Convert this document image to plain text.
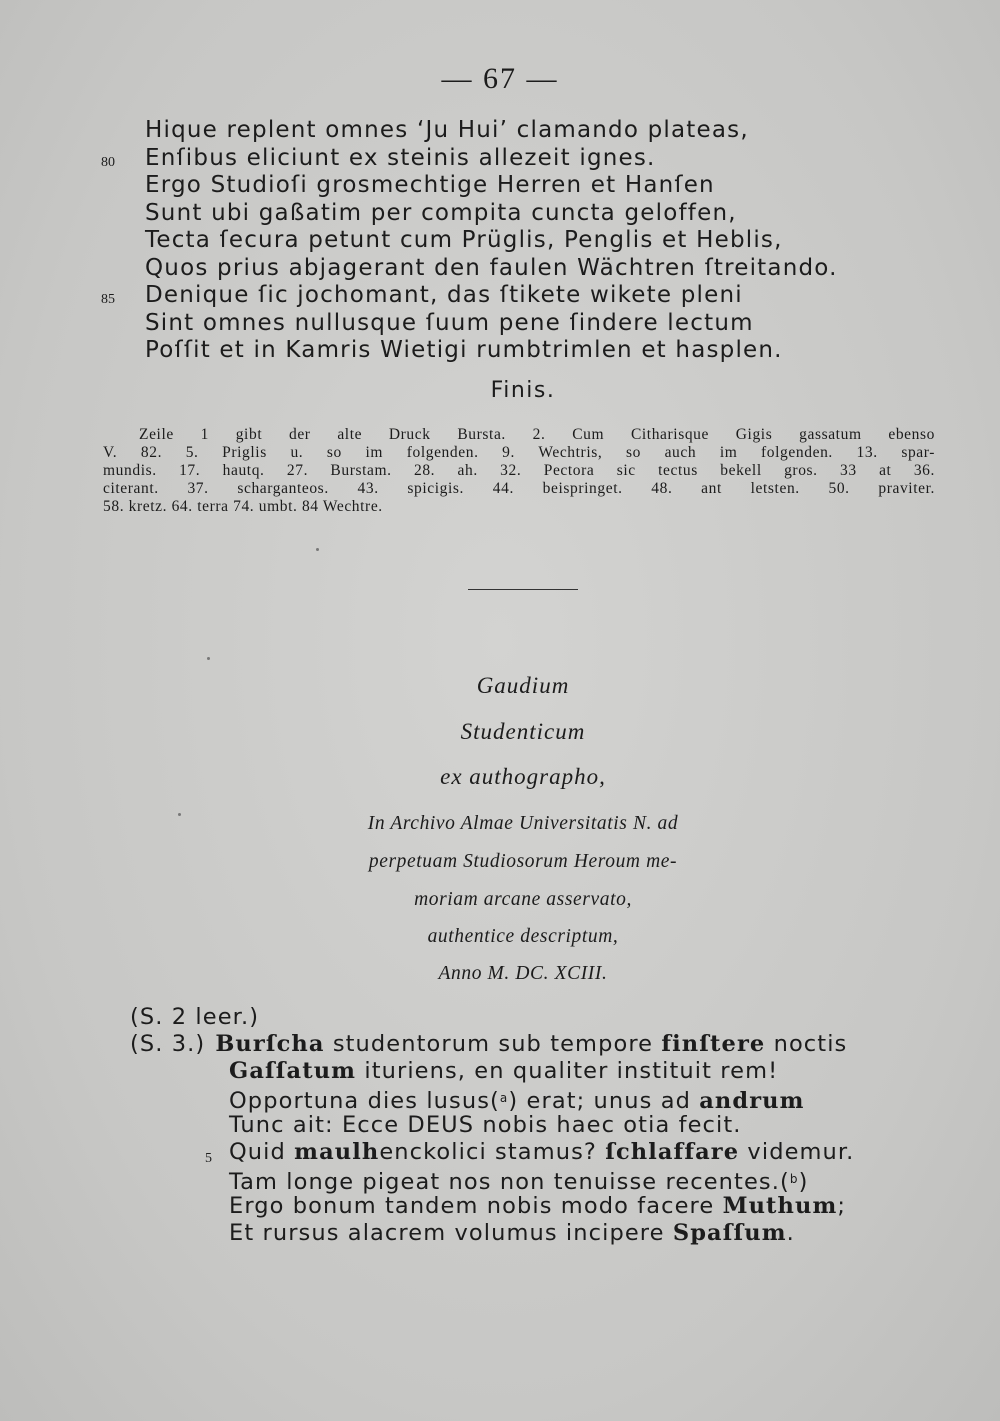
— 67 —
Hique replent omnes ‘Ju Hui’ clamando plateas,
80 Enſibus eliciunt ex steinis allezeit ignes.
Ergo Studioſi grosmechtige Herren et Hanſen
Sunt ubi gaßatim per compita cuncta geloffen,
Tecta ſecura petunt cum Prüglis, Penglis et Heblis,
Quos prius abjagerant den faulen Wächtren ſtreitando.
85 Denique ſic jochomant, das ſtikete wikete pleni
Sint omnes nullusque ſuum pene ſindere lectum
Poſſit et in Kamris Wietigi rumbtrimlen et hasplen.
Finis.
Zeile 1 gibt der alte Druck Bursta. 2. Cum Citharisque Gigis gassatum ebenso
V. 82. 5. Priglis u. so im folgenden. 9. Wechtris, so auch im folgenden. 13. spar-
mundis. 17. hautq. 27. Burstam. 28. ah. 32. Pectora sic tectus bekell gros. 33 at 36.
citerant. 37. scharganteos. 43. spicigis. 44. beispringet. 48. ant letsten. 50. praviter.
58. kretz. 64. terra 74. umbt. 84 Wechtre.
Gaudium
Studenticum
ex authographo,
In Archivo Almae Universitatis N. ad
perpetuam Studiosorum Heroum me-
moriam arcane asservato,
authentice descriptum,
Anno M. DC. XCIII.
(S. 2 leer.)
(S. 3.) Burſcha studentorum sub tempore finſtere noctis
Gaſſatum ituriens, en qualiter instituit rem!
Opportuna dies lusus($^a$) erat; unus ad andrum
Tunc ait: Ecce DEUS nobis haec otia fecit.
5 Quid maulhenckolici stamus? ſchlaffare videmur.
Tam longe pigeat nos non tenuisse recentes.($^b$)
Ergo bonum tandem nobis modo facere Muthum;
Et rursus alacrem volumus incipere Spaſſum.
